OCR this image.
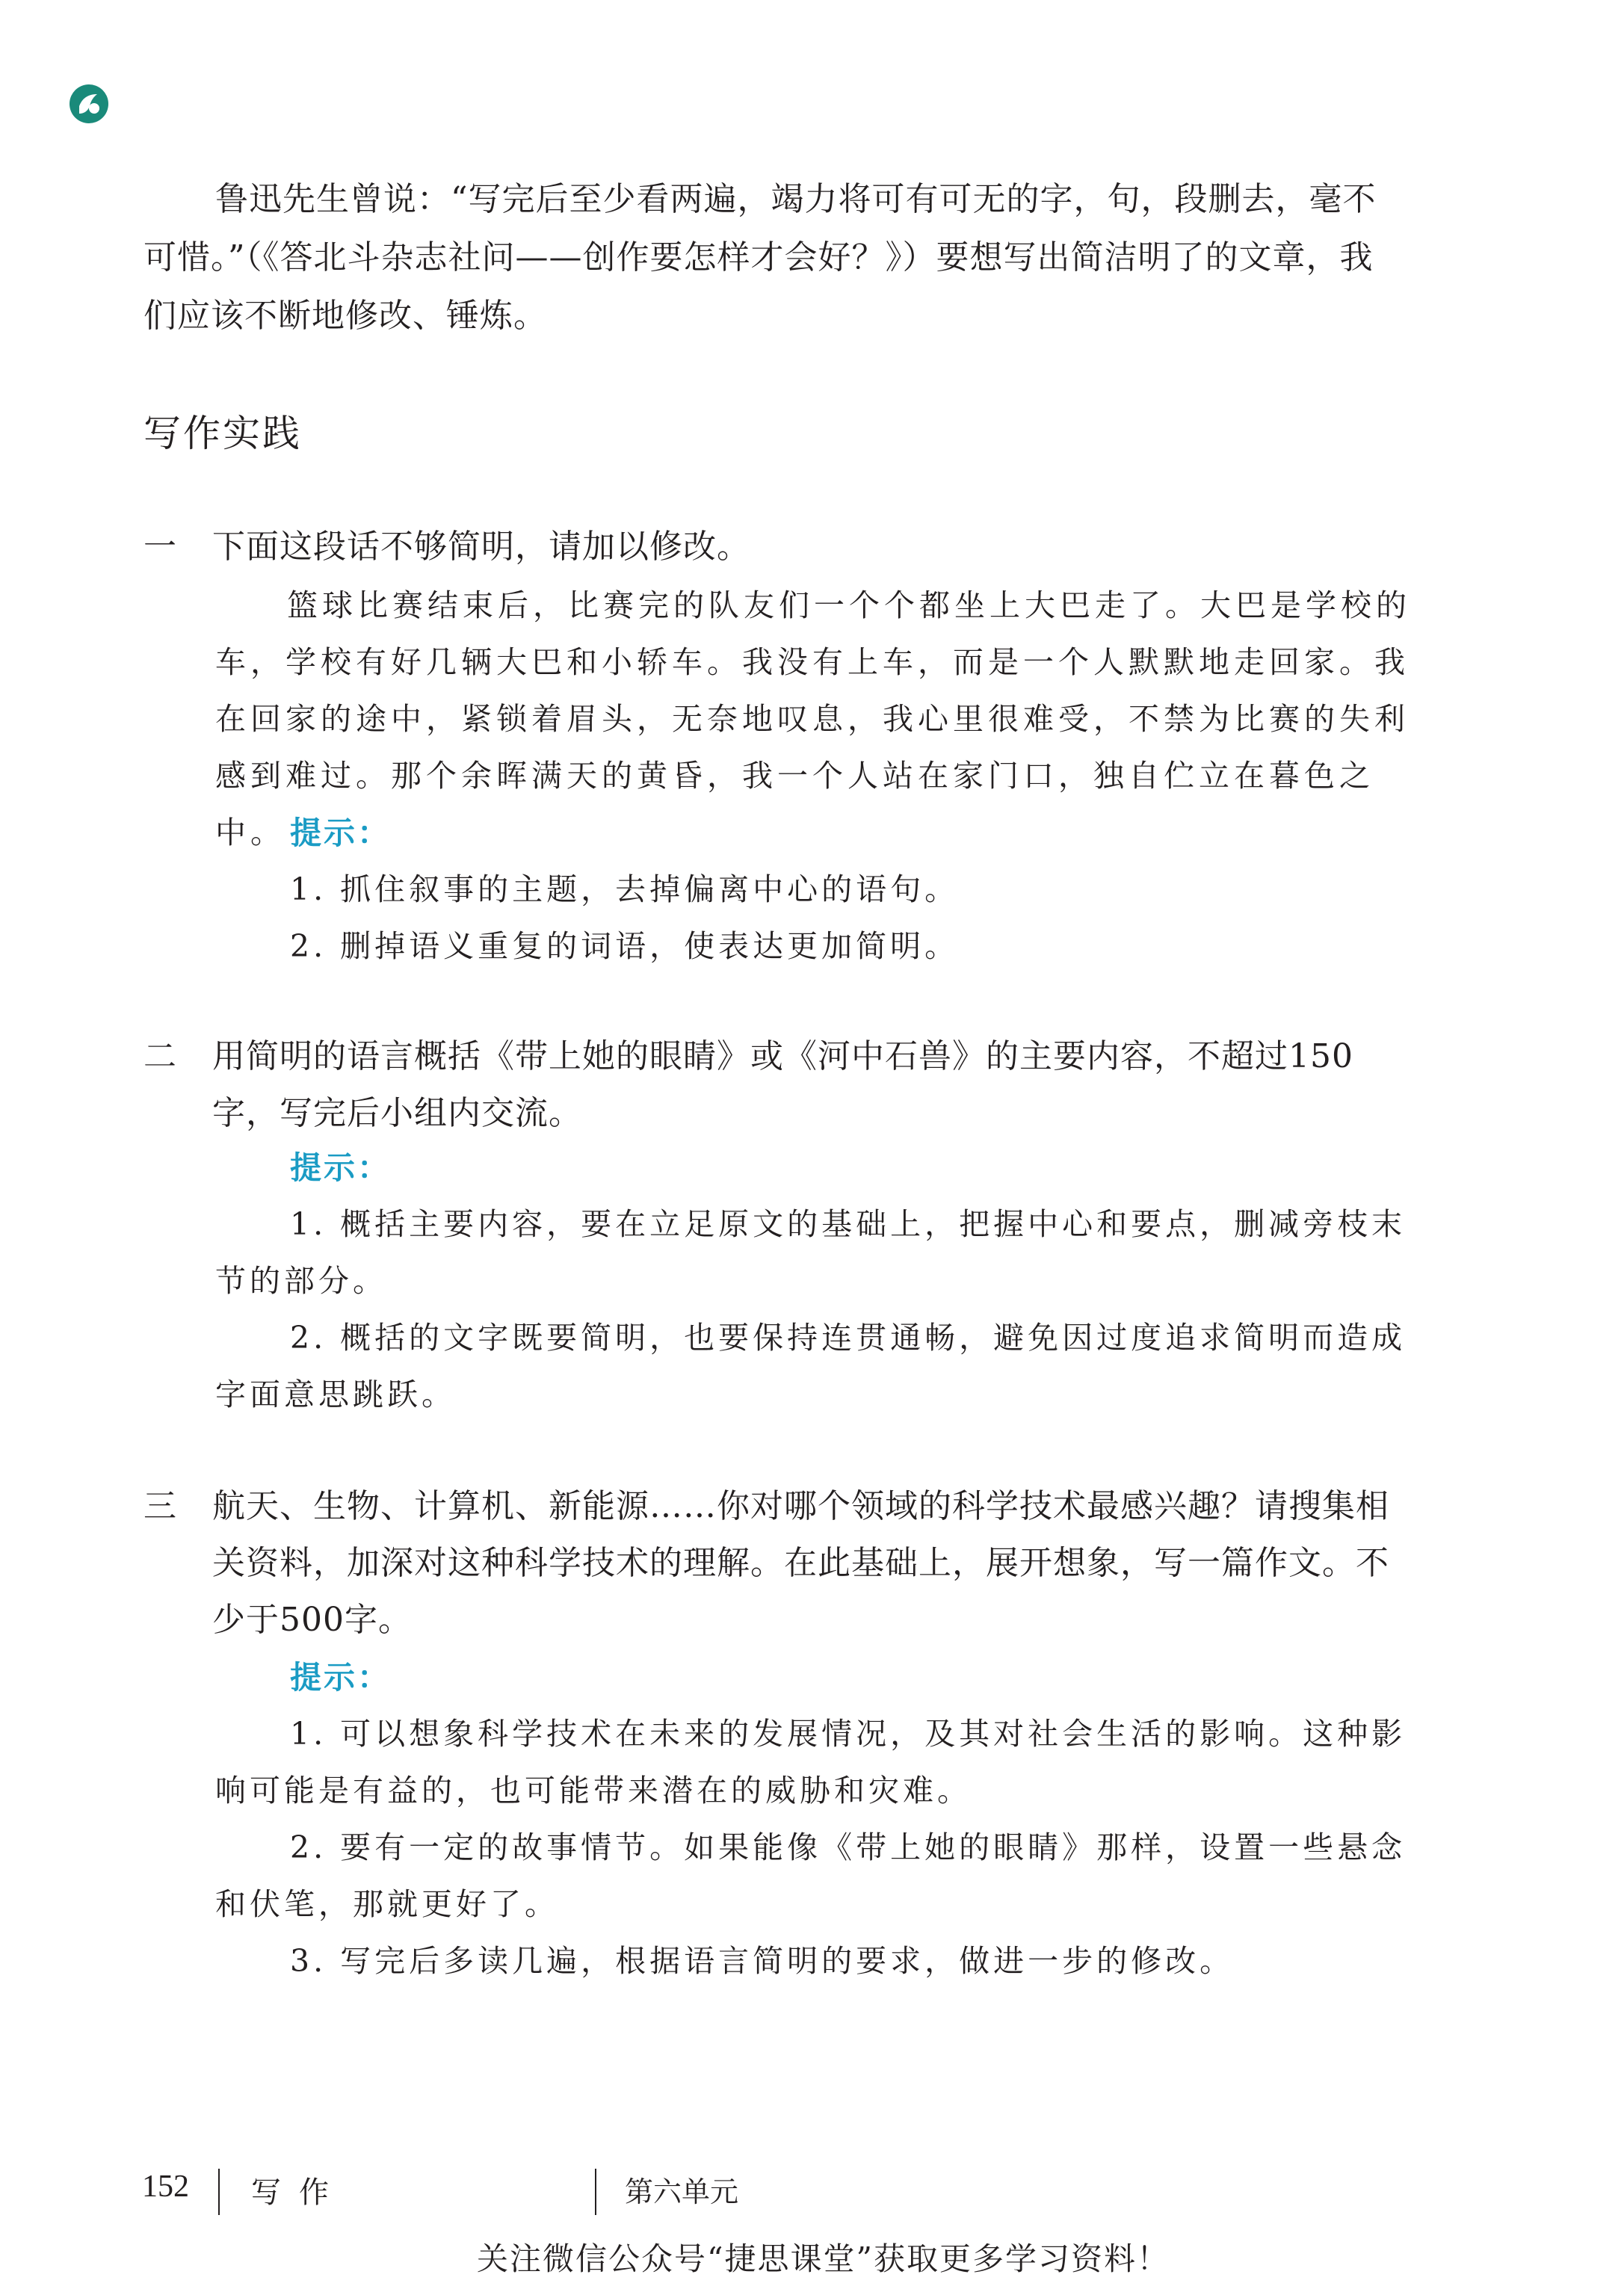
鲁迅先生曾说：“写完后至少看两遍，竭力将可有可无的字，句，段删去，毫不
可惜。”（《答北斗杂志社问——创作要怎样才会好？》）要想写出简洁明了的文章，我
们应该不断地修改、锤炼。
写作实践
一 下面这段话不够简明，请加以修改。
篮球比赛结束后，比赛完的队友们一个个都坐上大巴走了。大巴是学校的
车，学校有好几辆大巴和小轿车。我没有上车，而是一个人默默地走回家。我
在回家的途中，紧锁着眉头，无奈地叹息，我心里很难受，不禁为比赛的失利
感到难过。那个余晖满天的黄昏，我一个人站在家门口，独自伫立在暮色之中。 提示：
1. 抓住叙事的主题，去掉偏离中心的语句。
2. 删掉语义重复的词语，使表达更加简明。
二 用简明的语言概括《带上她的眼睛》或《河中石兽》的主要内容，不超过150
字，写完后小组内交流。
提示：
1. 概括主要内容，要在立足原文的基础上，把握中心和要点，删减旁枝末
节的部分。
2. 概括的文字既要简明，也要保持连贯通畅，避免因过度追求简明而造成
字面意思跳跃。
三 航天、生物、计算机、新能源……你对哪个领域的科学技术最感兴趣？请搜集相
关资料，加深对这种科学技术的理解。在此基础上，展开想象，写一篇作文。不
少于500字。
提示：
1. 可以想象科学技术在未来的发展情况，及其对社会生活的影响。这种影
响可能是有益的，也可能带来潜在的威胁和灾难。
2. 要有一定的故事情节。如果能像《带上她的眼睛》那样，设置一些悬念
和伏笔，那就更好了。
3. 写完后多读几遍，根据语言简明的要求，做进一步的修改。
152 写作	第六单元
关注微信公众号“捷思课堂”获取更多学习资料！
